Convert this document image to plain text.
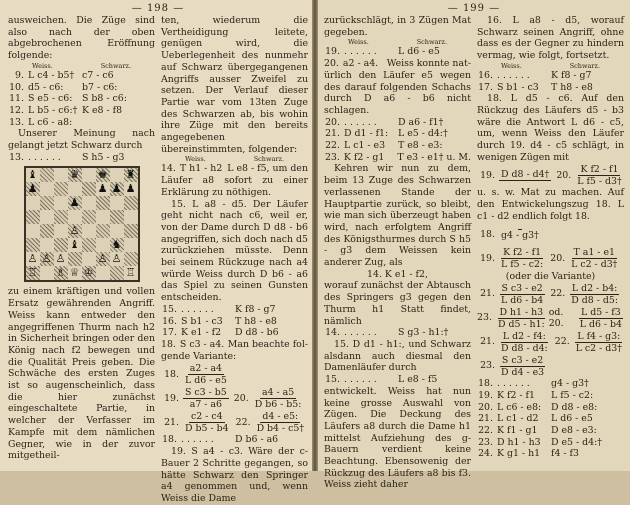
— 198 —

ausweichen. Die Züge sind also nach der oben abgebrochenen Eröffnung folgende:

Weiss.	Schwarz.
9. L c4 - b5† c7 - c6
10. d5 - c6:	b7 - c6:
11. S e5 - c6:	S b8 - c6:
12. L b5 - c6:† K e8 - f8
13. L c6 - a8:

Unserer Meinung nach gelangt jetzt Schwarz durch

13. . . . . . .	S h5 - g3
♚ ♜
♝
♟	♟ ♟ ♟
♟
♛
♝	♞
♙ ♙ ♙	♙ ♙
♙
♖	♕ ♔
♗	♖

zu einem kräftigen und vollen Ersatz gewährenden Angriff. Weiss kann entweder den angegriffenen Thurm nach h2 in Sicherheit bringen oder den König nach f2 bewegen und die Qualität Preis geben. Die Schwäche des ersten Zuges ist so augenscheinlich, dass die hier zunächst eingeschaltete Partie, in welcher der Verfasser im Kampfe mit dem nämlichen Gegner, wie in der zuvor mitgetheil-

ten, wiederum die Vertheidigung leitete, genügen wird, die Ueberlegenheit des nunmehr auf Schwarz übergegangenen Angriffs ausser Zweifel zu setzen. Der Verlauf dieser Partie war vom 13ten Zuge des Schwarzen ab, bis wohin ihre Züge mit den bereits angegebenen übereinstimmten, folgender:

Weiss.	Schwarz.
14. T h1 - h2 L e8 - f5, um den

Läufer a8 sofort zu einer Erklärung zu nöthigen.

15. L a8 - d5. Der Läufer geht nicht nach c6, weil er, von der Dame durch D d8 - b6 angegriffen, sich doch nach d5 zurückziehen müsste. Denn bei seinem Rückzuge nach a4 würde Weiss durch D b6 - a6 das Spiel zu seinen Gunsten entscheiden.

15. . . . . . .	K f8 - g7
16. S b1 - c3	T h8 - e8
17. K e1 - f2	D d8 - b6
18. S c3 - a4. Man beachte fol-

gende Variante:

18. $\frac{a2 - a4}{\text{L d6 - e5}}$
19. $\frac{\text{S c3 - b5}}{a7 - a6} 20$. $\frac{a4 - a5}{\text{D b6 - b5:}}$
21. $\frac{c2 - c4}{\text{D b5 - b4}} 22$. $\frac{d4 - e5:}{\text{D b4 - c5†}}$
18. . . . . . .	D b6 - a6

19. S a4 - c3. Wäre der c-Bauer 2 Schritte gegangen, so hätte Schwarz den Springer a4 genommen und, wenn Weiss die Dame

— 199 —

zurückschlägt, in 3 Zügen Mat gegeben.

Weiss.	Schwarz.
19. . . . . . .	L d6 - e5
20. a2 - a4. Weiss konnte nat-

ürlich den Läufer e5 wegen des darauf folgenden Schachs durch D a6 - b6 nicht schlagen.

20. . . . . . .	D a6 - f1†
21. D d1 - f1:	L e5 - d4:†
22. L c1 - e3	T e8 - e3:
23. K f2 - g1	T e3 - e1† u. M.

Kehren wir nun zu dem, beim 13 Zuge des Schwarzen verlassenen Stande der Hauptpartie zurück, so bleibt, wie man sich überzeugt haben wird, nach erfolgtem Angriff des Königsthurmes durch S h5 - g3 dem Weissen kein anderer Zug, als

14. K e1 - f2,

worauf zunächst der Abtausch des Springers g3 gegen den Thurm h1 Statt findet, nämlich

14. . . . . . .	S g3 - h1:†

15. D d1 - h1:, und Schwarz alsdann auch diesmal den Damenläufer durch

15. . . . . . .	L e8 - f5

entwickelt. Weiss hat nun keine grosse Auswahl von Zügen. Die Deckung des Läufers a8 durch die Dame h1 mittelst Aufziehung des g-Bauern verdient keine Beachtung. Ebensowenig der Rückzug des Läufers a8 bis f3. Weiss zieht daher

16. L a8 - d5, worauf Schwarz seinen Angriff, ohne dass es der Gegner zu hindern vermag, wie folgt, fortsetzt.

Weiss.	Schwarz.
16. . . . . . .	K f8 - g7
17. S b1 - c3	T h8 - e8

18. L d5 - c6. Auf den Rückzug des Läufers d5 - b3 wäre die Antwort L d6 - c5, um, wenn Weiss den Läufer durch 19. d4 - c5 schlägt, in wenigen Zügen mit

19. D d8 - d4† 20. $\frac{\text{K f2 - f1}}{\text{L f5 - d3†}}$

u. s. w. Mat zu machen. Auf den Entwickelungszug 18. L c1 - d2 endlich folgt 18.

18. g4 - g3†
19. $\frac{\text{K f2 - f1}}{\text{L f5 - c2:}} 20$. $\frac{\text{T a1 - e1}}{\text{L c2 - d3†}}$

(oder die Variante)

21. $\frac{\text{S c3 - e2}}{\text{L d6 - b4}} 22$. $\frac{\text{L d2 - b4:}}{\text{D d8 - d5:}}$
23. $\frac{\text{D h1 - h3}}{\text{D d5 - h1:}}$ od. 20.	$\frac{\text{L d5 - f3}}{\text{L d6 - b4}}$
21. $\frac{\text{L d2 - f4:}}{\text{D d8 - d4:}} 22$. $\frac{\text{L f4 - g3:}}{\text{L c2 - d3†}}$
23. $\frac{\text{S c3 - e2}}{\text{D d4 - e3}}$
18. . . . . . .	g4 - g3†
19. K f2 - f1	L f5 - c2:
20. L c6 - e8:	D d8 - e8:
21. L c1 - d2	L d6 - e5
22. K f1 - g1	D e8 - e3:
23. D h1 - h3	D e5 - d4:†
24. K g1 - h1	f4 - f3
